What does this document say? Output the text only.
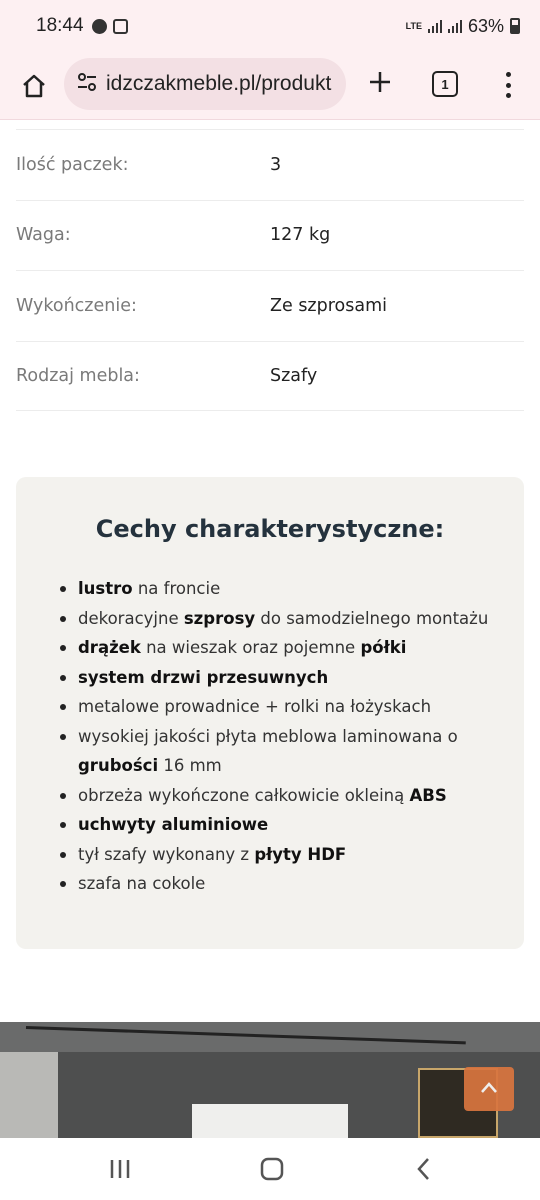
18:44	LTE	63%
idzczakmeble.pl/produkt	1
Ilość paczek:	3
Waga:	127 kg
Wykończenie:	Ze szprosami
Rodzaj mebla:	Szafy
Cechy charakterystyczne:
lustro na froncie
dekoracyjne szprosy do samodzielnego montażu
drążek na wieszak oraz pojemne półki
system drzwi przesuwnych
metalowe prowadnice + rolki na łożyskach
wysokiej jakości płyta meblowa laminowana o grubości 16 mm
obrzeża wykończone całkowicie okleiną ABS
uchwyty aluminiowe
tył szafy wykonany z płyty HDF
szafa na cokole
